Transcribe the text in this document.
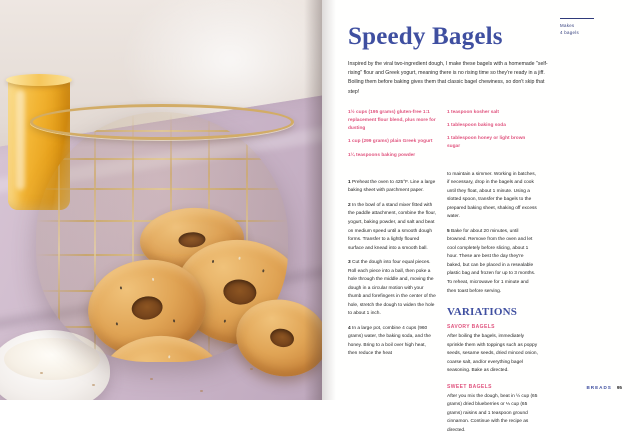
Makes
4 bagels
Speedy Bagels
Inspired by the viral two-ingredient dough, I make these bagels with a homemade "self-rising" flour and Greek yogurt, meaning there is no rising time so they're ready in a jiff. Boiling them before baking gives them that classic bagel chewiness, so don't skip that step!
1½ cups (195 grams) gluten-free 1:1 replacement flour blend, plus more for dusting
1 cup (299 grams) plain Greek yogurt
1¼ teaspoons baking powder
1 Preheat the oven to 425°F. Line a large baking sheet with parchment paper.
2 In the bowl of a stand mixer fitted with the paddle attachment, combine the flour, yogurt, baking powder, and salt and beat on medium speed until a smooth dough forms. Transfer to a lightly floured surface and knead into a smooth ball.
3 Cut the dough into four equal pieces. Roll each piece into a ball, then poke a hole through the middle and, moving the dough in a circular motion with your thumb and forefingers in the center of the hole, stretch the dough to widen the hole to about 1 inch.
4 In a large pot, combine 4 cups (960 grams) water, the baking soda, and the honey. Bring to a boil over high heat, then reduce the heat
1 teaspoon kosher salt
1 tablespoon baking soda
1 tablespoon honey or light brown sugar
to maintain a simmer. Working in batches, if necessary, drop in the bagels and cook until they float, about 1 minute. Using a slotted spoon, transfer the bagels to the prepared baking sheet, shaking off excess water.
5 Bake for about 20 minutes, until browned. Remove from the oven and let cool completely before slicing, about 1 hour. These are best the day they're baked, but can be placed in a resealable plastic bag and frozen for up to 3 months. To reheat, microwave for 1 minute and then toast before serving.
VARIATIONS
SAVORY BAGELS
After boiling the bagels, immediately sprinkle them with toppings such as poppy seeds, sesame seeds, dried minced onion, coarse salt, and/or everything bagel seasoning. Bake as directed.
SWEET BAGELS
After you mix the dough, beat in ½ cup (65 grams) dried blueberries or ⅓ cup (65 grams) raisins and 1 teaspoon ground cinnamon. Continue with the recipe as directed.
BREADS 95
